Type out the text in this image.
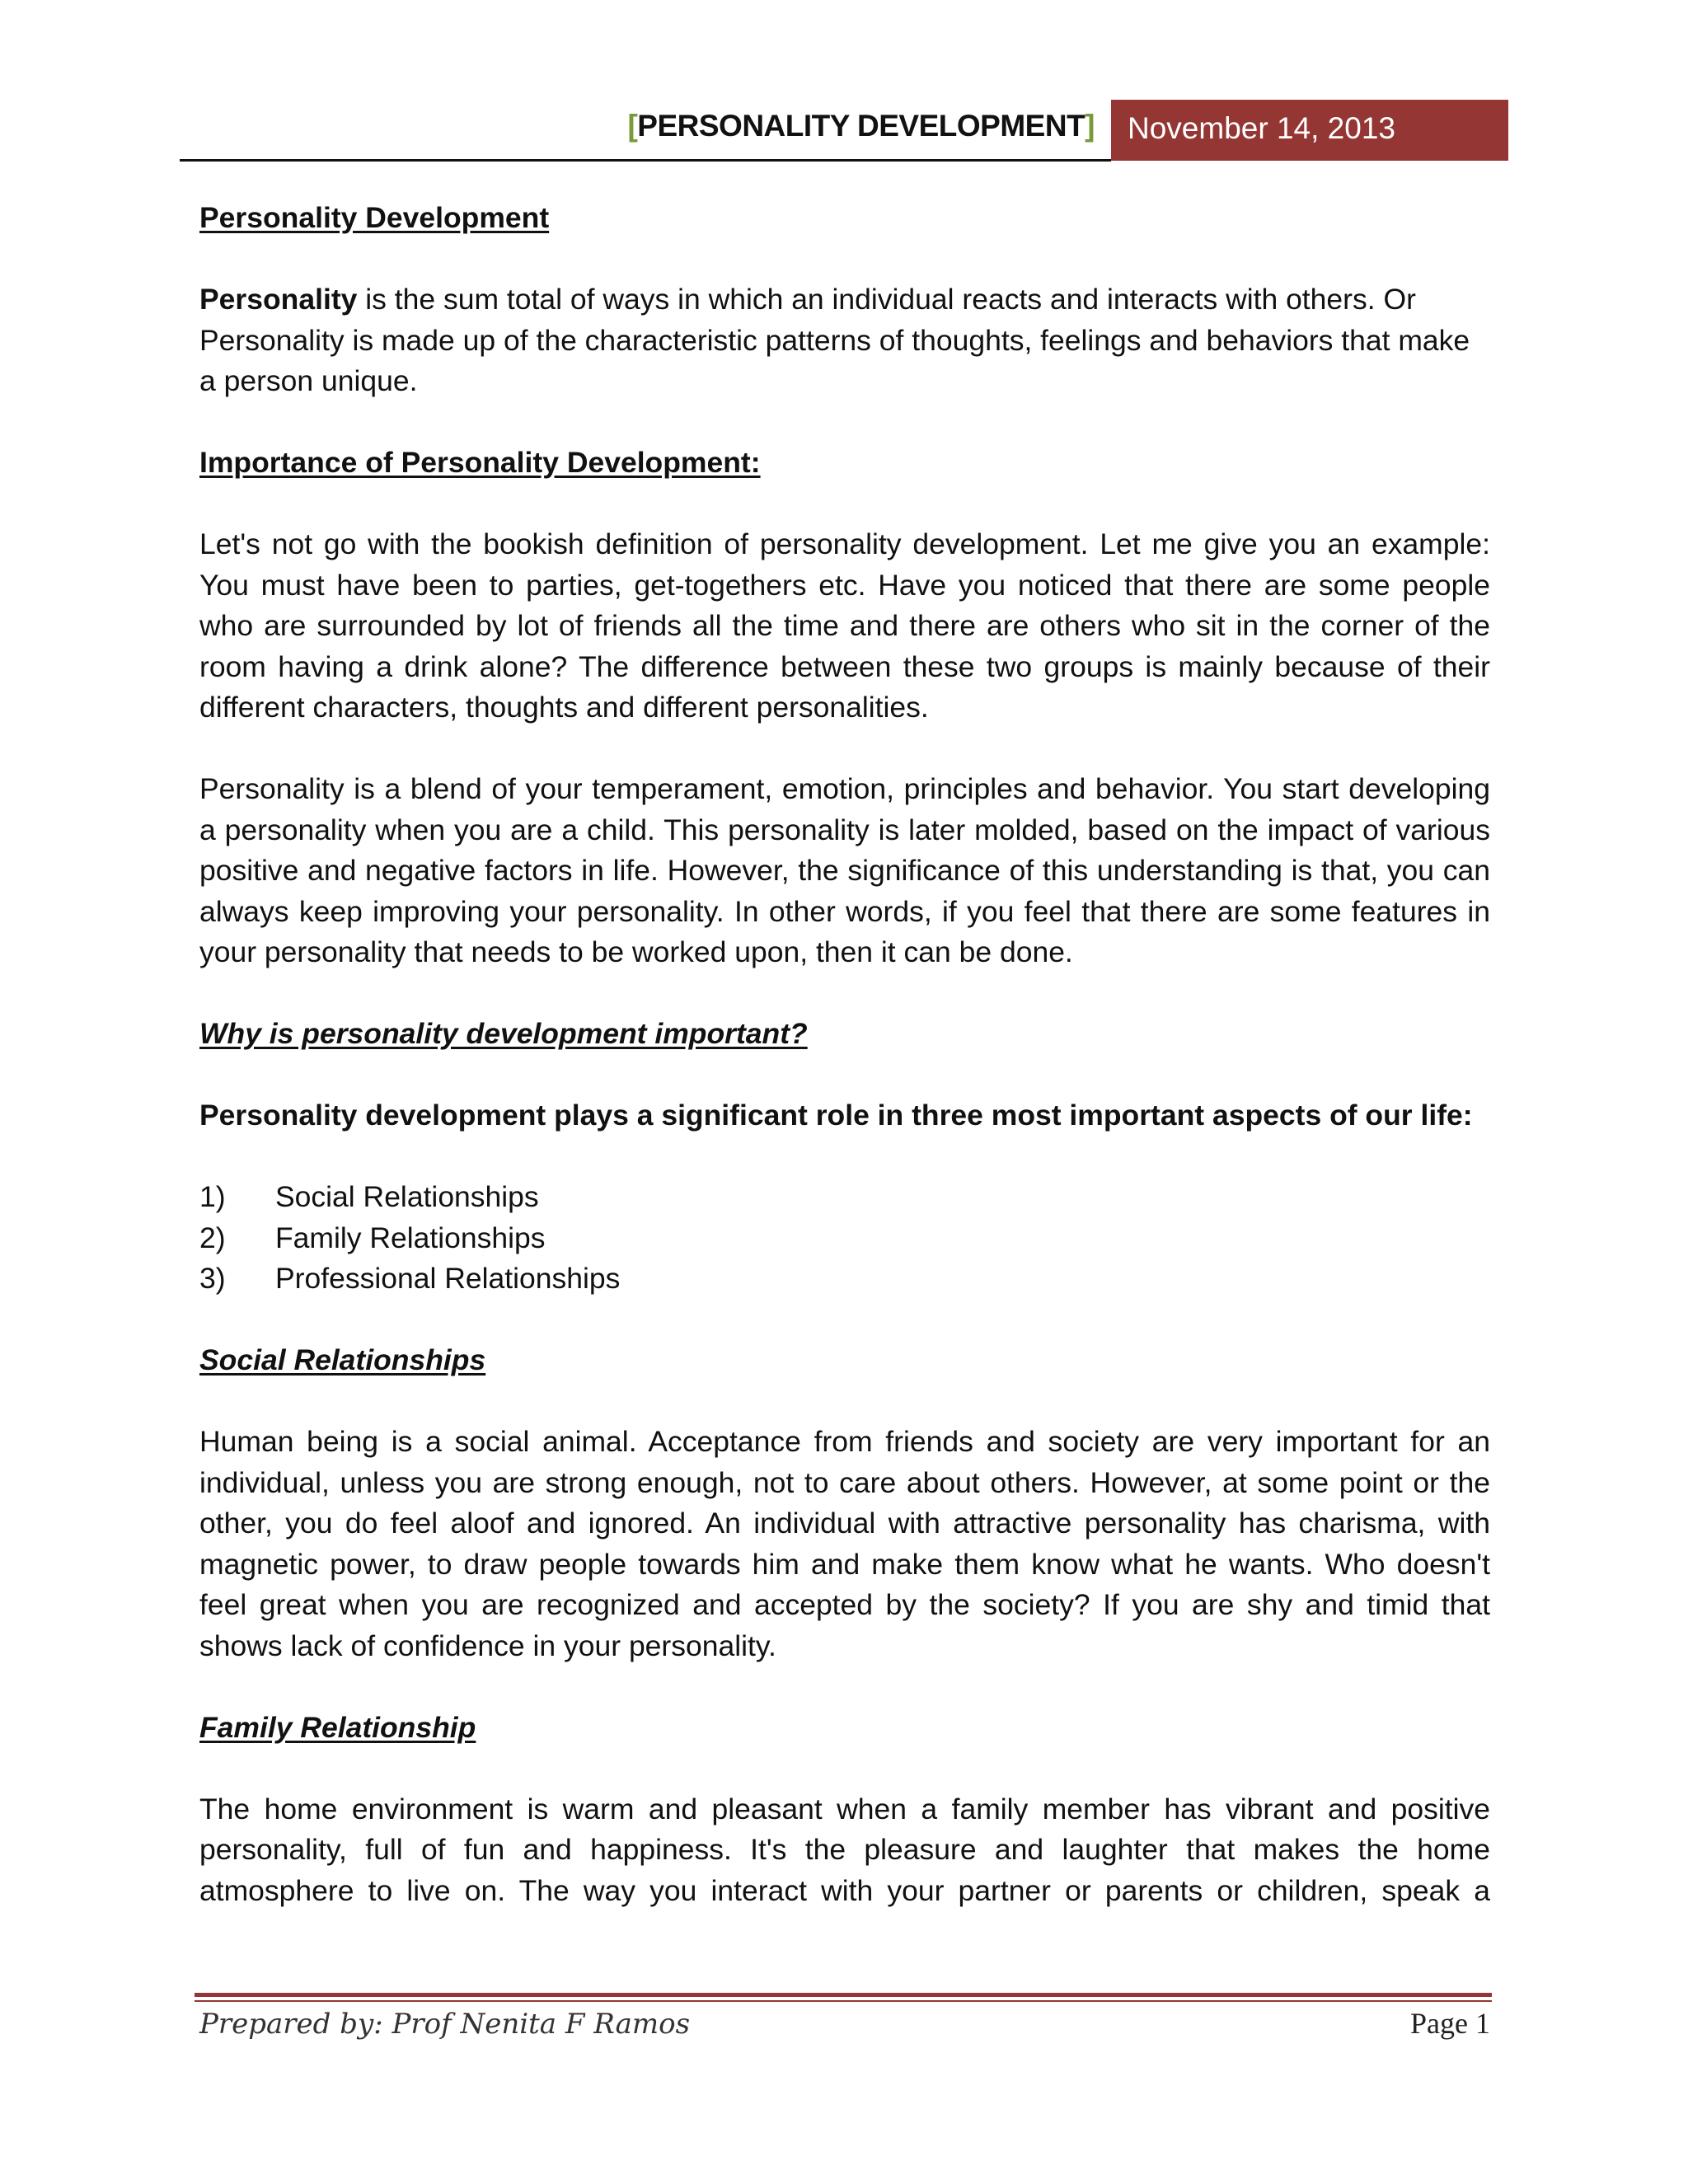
[PERSONALITY DEVELOPMENT]	November 14, 2013

Personality Development

Personality is the sum total of ways in which an individual reacts and interacts with others. Or Personality is made up of the characteristic patterns of thoughts, feelings and behaviors that make a person unique.

Importance of Personality Development:

Let's not go with the bookish definition of personality development. Let me give you an example: You must have been to parties, get-togethers etc. Have you noticed that there are some people who are surrounded by lot of friends all the time and there are others who sit in the corner of the room having a drink alone? The difference between these two groups is mainly because of their different characters, thoughts and different personalities.

Personality is a blend of your temperament, emotion, principles and behavior. You start developing a personality when you are a child. This personality is later molded, based on the impact of various positive and negative factors in life. However, the significance of this understanding is that, you can always keep improving your personality. In other words, if you feel that there are some features in your personality that needs to be worked upon, then it can be done.

Why is personality development important?

Personality development plays a significant role in three most important aspects of our life:

1)	Social Relationships
2)	Family Relationships
3)	Professional Relationships

Social Relationships

Human being is a social animal. Acceptance from friends and society are very important for an individual, unless you are strong enough, not to care about others. However, at some point or the other, you do feel aloof and ignored. An individual with attractive personality has charisma, with magnetic power, to draw people towards him and make them know what he wants. Who doesn't feel great when you are recognized and accepted by the society? If you are shy and timid that shows lack of confidence in your personality.

Family Relationship

The home environment is warm and pleasant when a family member has vibrant and positive personality, full of fun and happiness. It's the pleasure and laughter that makes the home atmosphere to live on. The way you interact with your partner or parents or children, speak a

Prepared by: Prof Nenita F Ramos	Page 1
